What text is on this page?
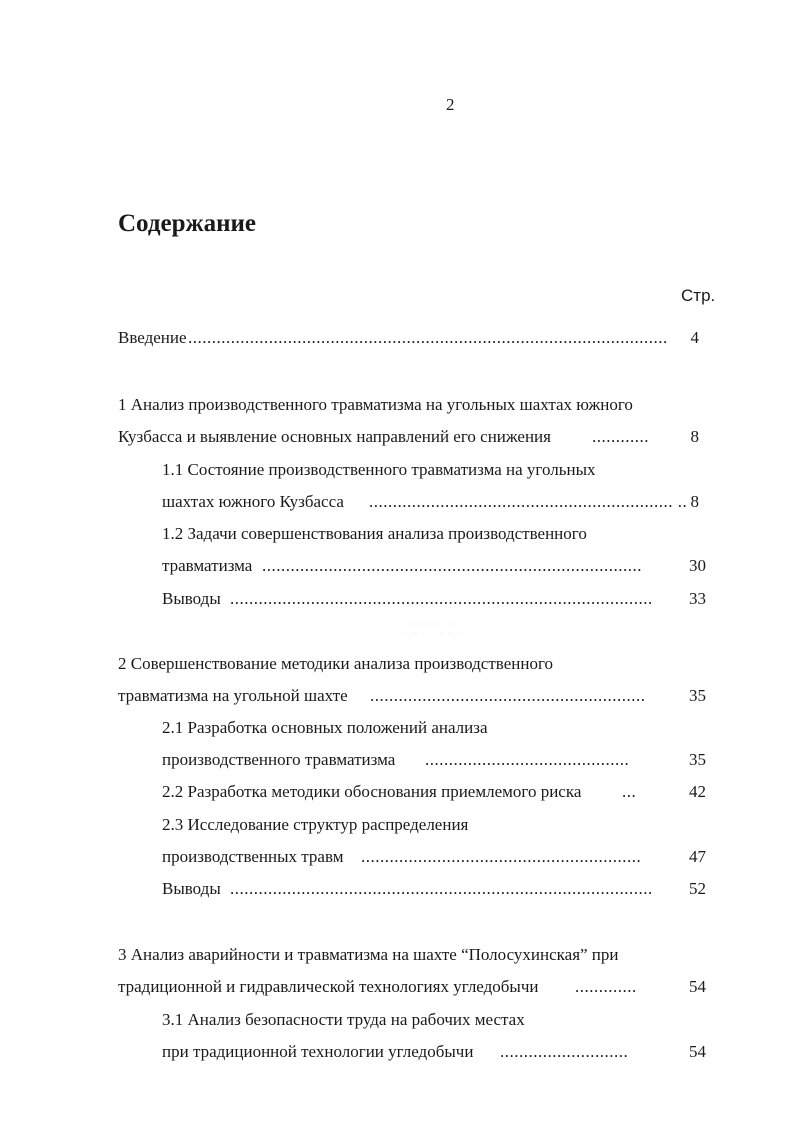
2
Содержание
Стр.
Введение .....................................................................................................	4
1 Анализ производственного травматизма на угольных шахтах южного
Кузбасса и выявление основных направлений его снижения ............	8
1.1 Состояние производственного травматизма на угольных
шахтах южного Кузбасса ................................................................ .. 8
1.2 Задачи совершенствования анализа производственного
травматизма ................................................................................	30
Выводы .........................................................................................	33
· · · · · ·
· · · · · · ·
2 Совершенствование методики анализа производственного
травматизма на угольной шахте ..........................................................	35
2.1 Разработка основных положений анализа
производственного травматизма ...........................................	35
2.2 Разработка методики обоснования приемлемого риска ...	42
2.3 Исследование структур распределения
производственных травм ...........................................................	47
Выводы .........................................................................................	52
3 Анализ аварийности и травматизма на шахте “Полосухинская” при
традиционной и гидравлической технологиях угледобычи .............	54
3.1 Анализ безопасности труда на рабочих местах
при традиционной технологии угледобычи ...........................	54
